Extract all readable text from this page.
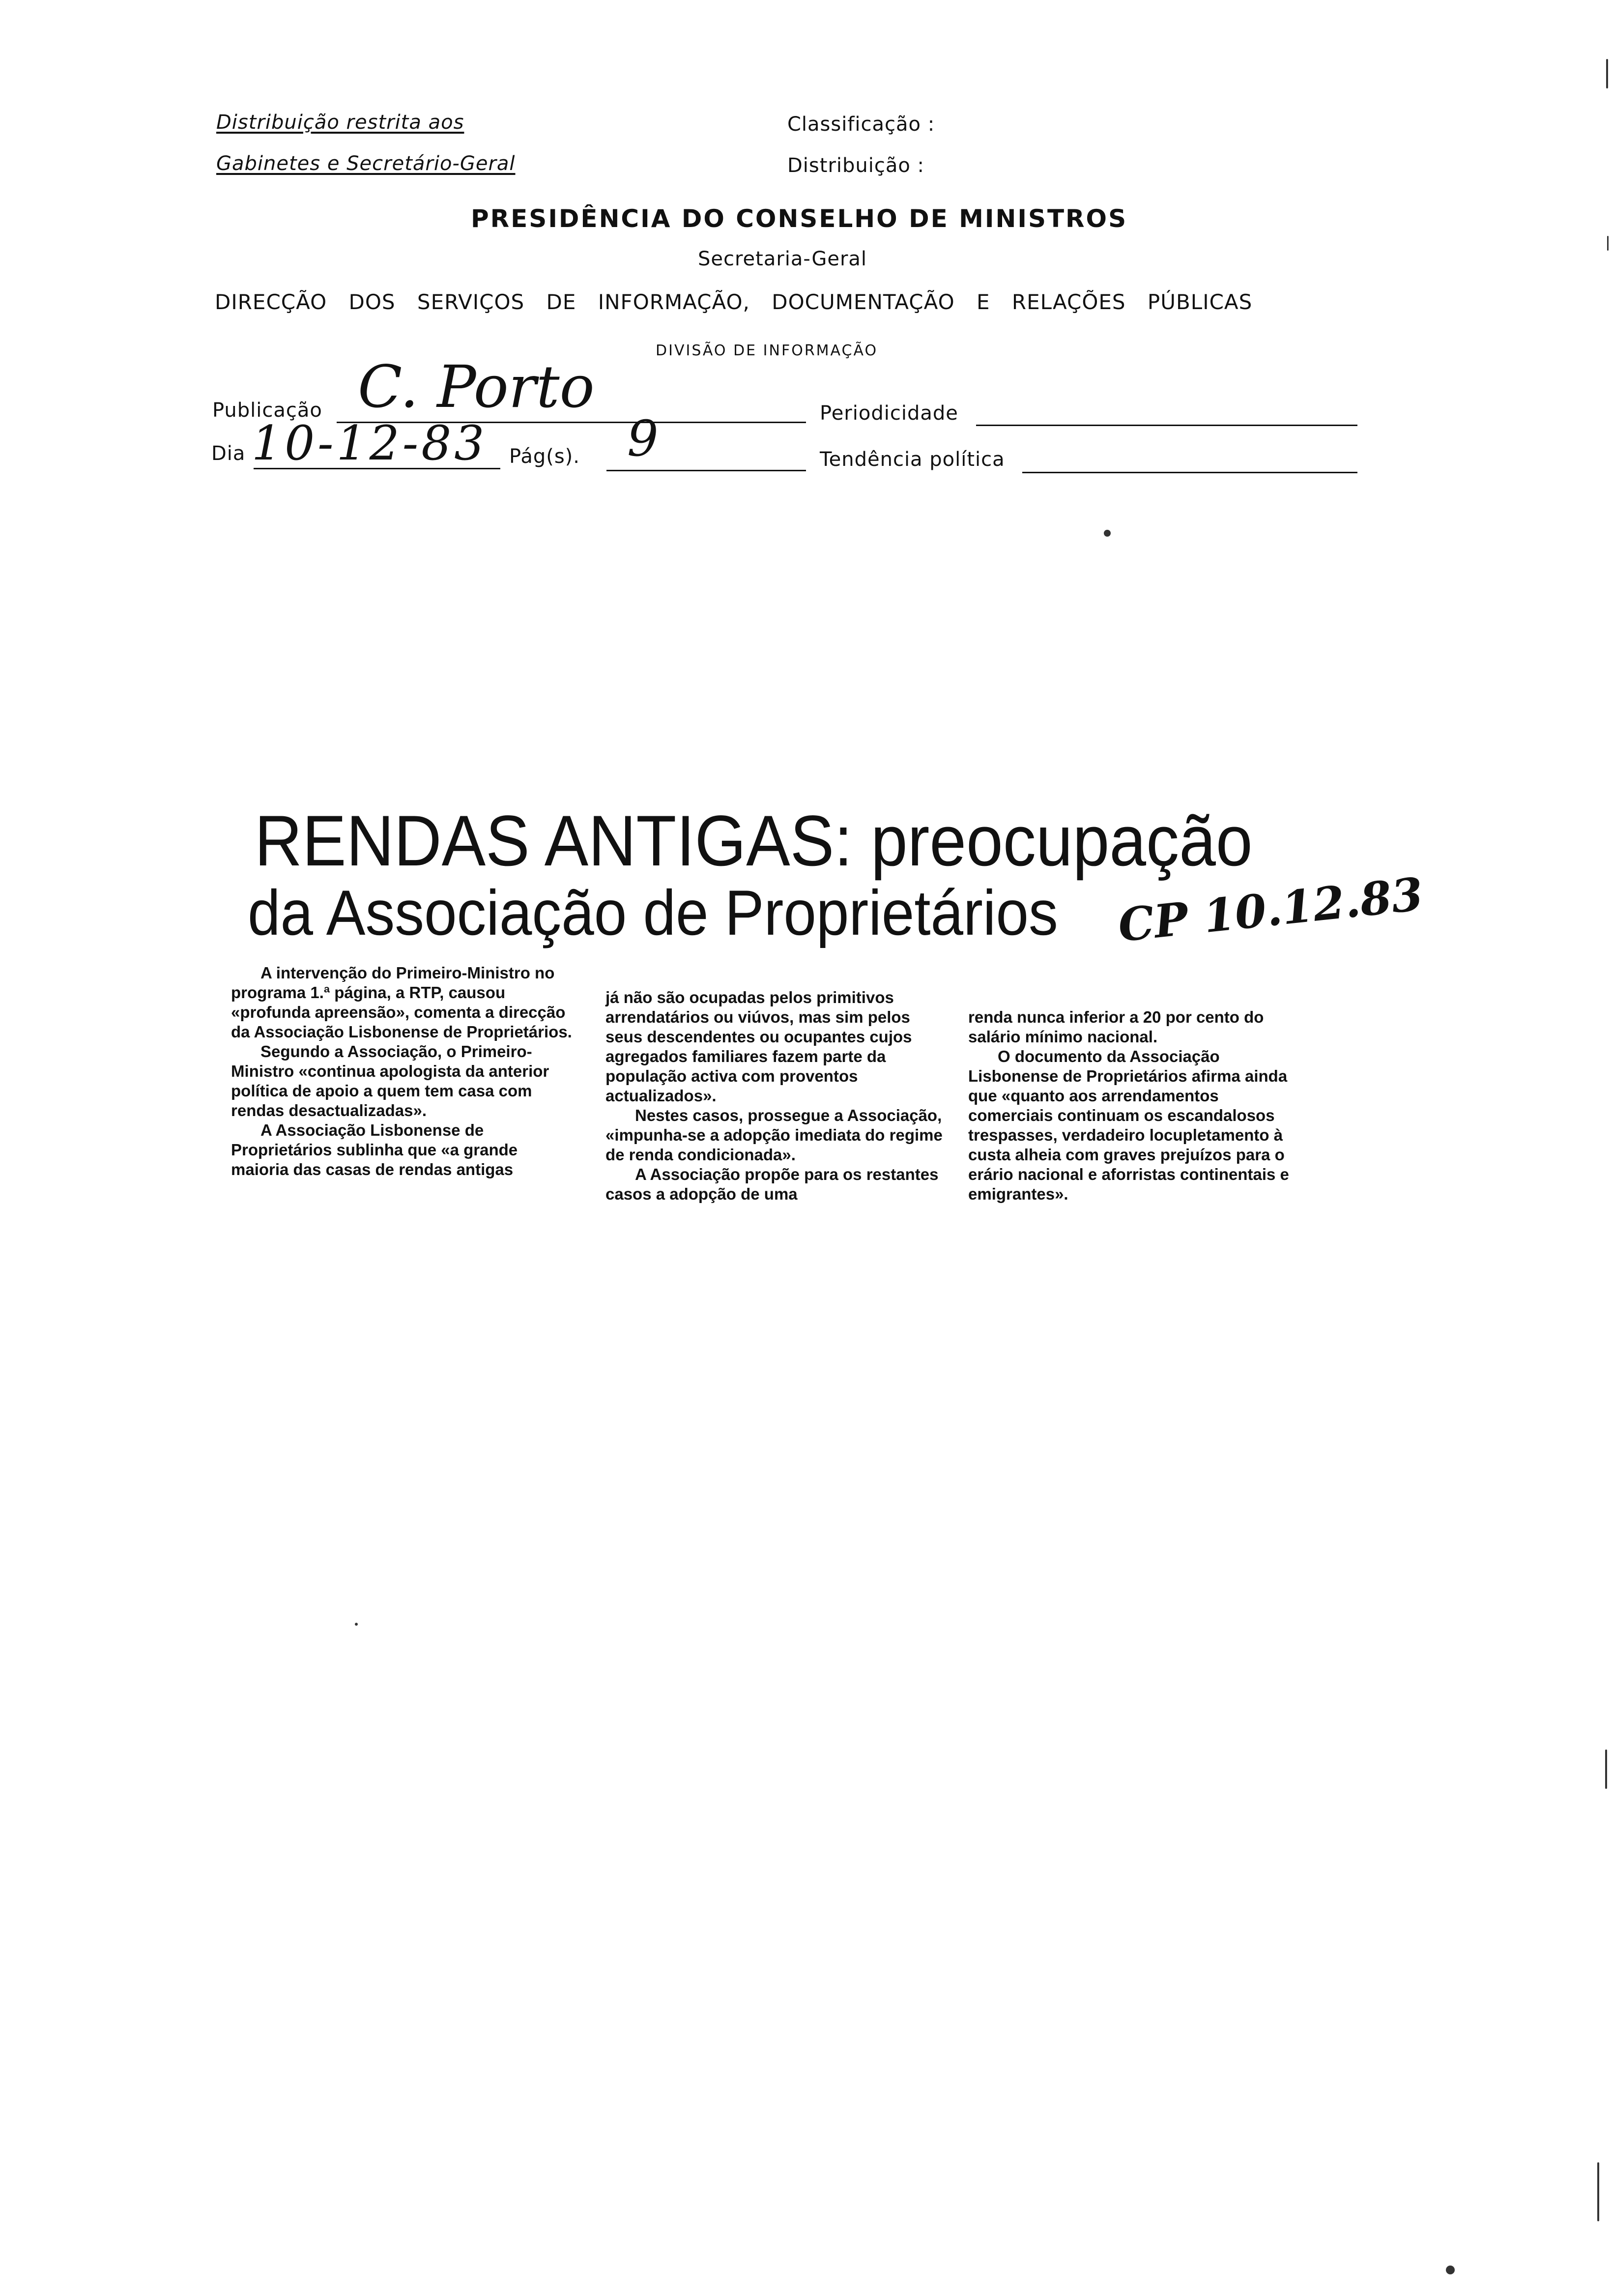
Distribuição restrita aos
Gabinetes e Secretário-Geral
Classificação :
Distribuição :
PRESIDÊNCIA DO CONSELHO DE MINISTROS
Secretaria-Geral
DIRECÇÃO DOS SERVIÇOS DE INFORMAÇÃO, DOCUMENTAÇÃO E RELAÇÕES PÚBLICAS
DIVISÃO DE INFORMAÇÃO
Publicação C. Porto	Periodicidade
Dia 10-12-83 Pág(s). 9	Tendência política
RENDAS ANTIGAS: preocupação
da Associação de Proprietários CP 10.12.83

A intervenção do Primeiro-Ministro no programa 1.ª página, a RTP, causou «profunda apreensão», comenta a direcção da Associação Lisbonense de Proprietários.

Segundo a Associação, o Primeiro-Ministro «continua apologista da anterior política de apoio a quem tem casa com rendas desactualizadas».

A Associação Lisbonense de Proprietários sublinha que «a grande maioria das casas de rendas antigas

já não são ocupadas pelos primitivos arrendatários ou viúvos, mas sim pelos seus descendentes ou ocupantes cujos agregados familiares fazem parte da população activa com proventos actualizados».

Nestes casos, prossegue a Associação, «impunha-se a adopção imediata do regime de renda condicionada».

A Associação propõe para os restantes casos a adopção de uma

renda nunca inferior a 20 por cento do salário mínimo nacional.

O documento da Associação Lisbonense de Proprietários afirma ainda que «quanto aos arrendamentos comerciais continuam os escandalosos trespasses, verdadeiro locupletamento à custa alheia com graves prejuízos para o erário nacional e aforristas continentais e emigrantes».
